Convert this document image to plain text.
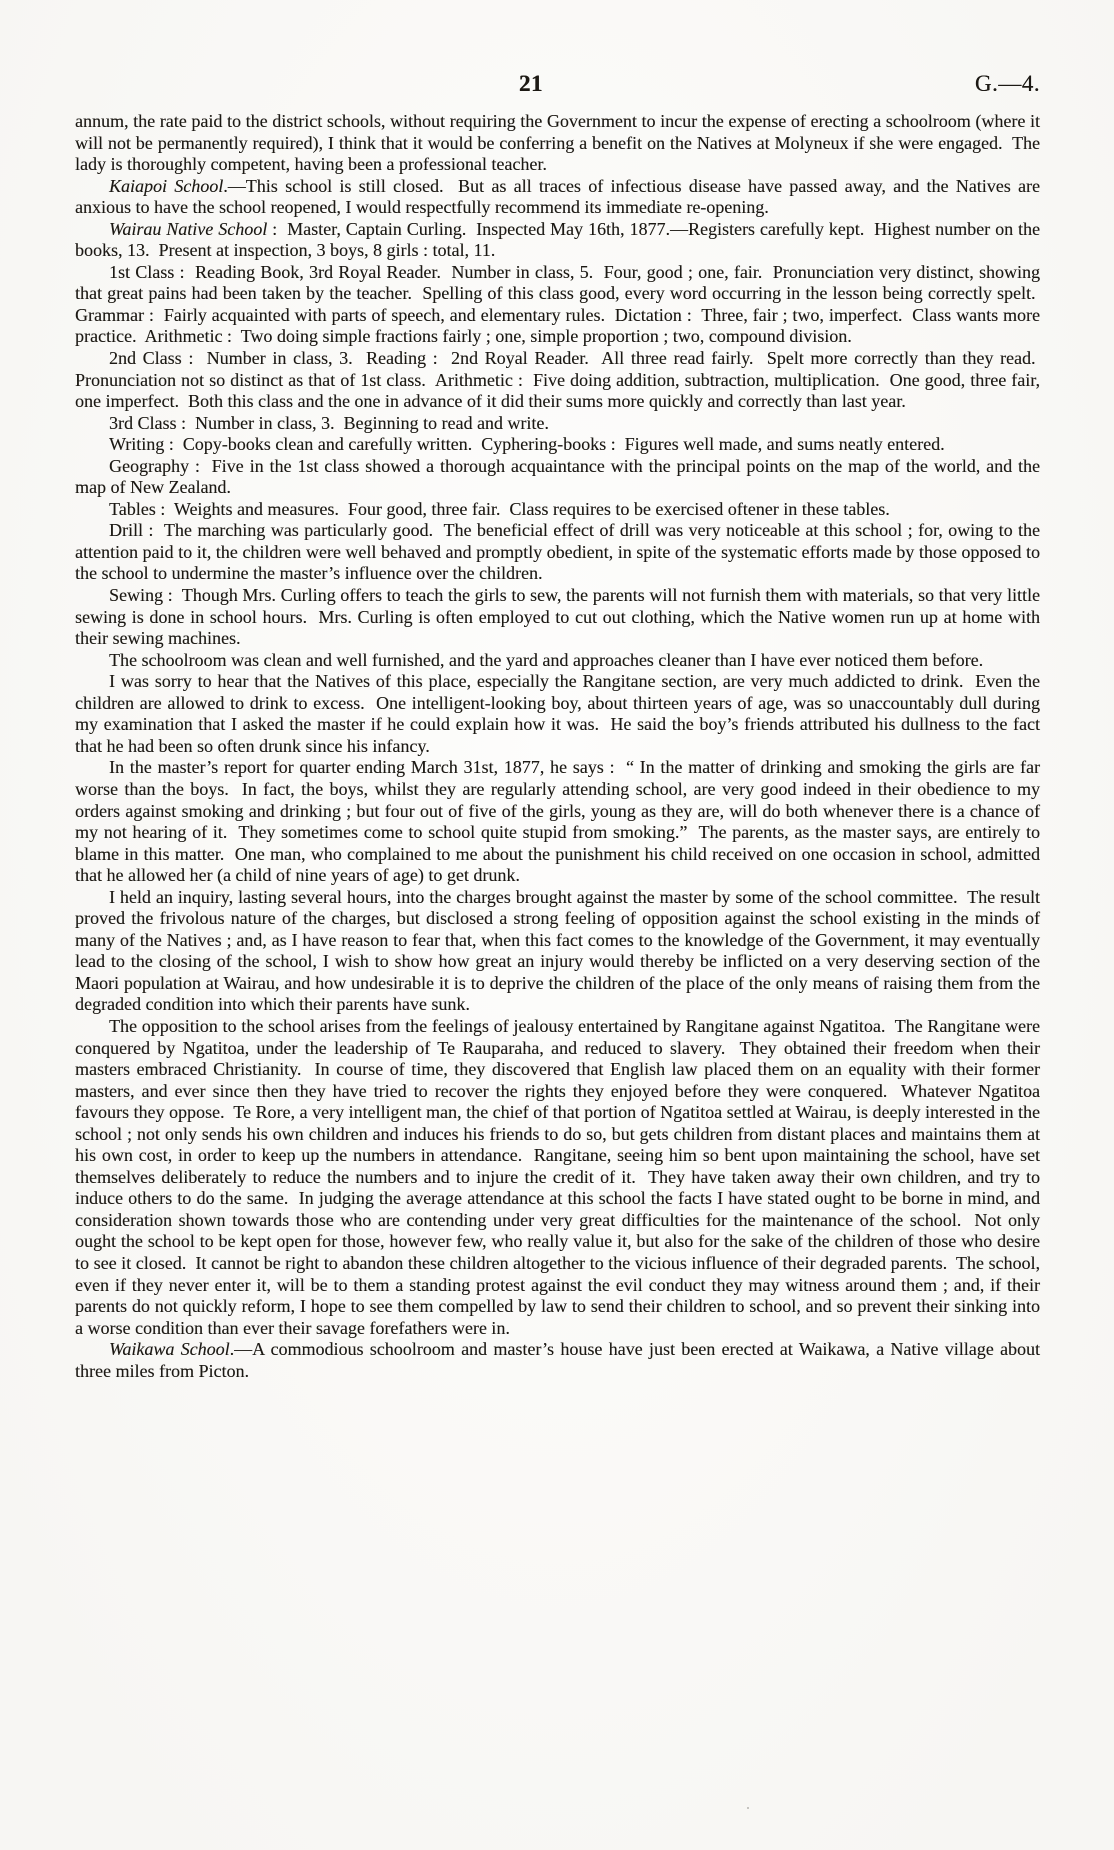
21	G.—4.

annum, the rate paid to the district schools, without requiring the Government to incur the expense of erecting a schoolroom (where it will not be permanently required), I think that it would be conferring a benefit on the Natives at Molyneux if she were engaged.  The lady is thoroughly competent, having been a professional teacher.

Kaiapoi School.—This school is still closed.  But as all traces of infectious disease have passed away, and the Natives are anxious to have the school reopened, I would respectfully recommend its immediate re-opening.

Wairau Native School :  Master, Captain Curling.  Inspected May 16th, 1877.—Registers carefully kept.  Highest number on the books, 13.  Present at inspection, 3 boys, 8 girls : total, 11.

1st Class :  Reading Book, 3rd Royal Reader.  Number in class, 5.  Four, good ; one, fair.  Pronunciation very distinct, showing that great pains had been taken by the teacher.  Spelling of this class good, every word occurring in the lesson being correctly spelt.  Grammar :  Fairly acquainted with parts of speech, and elementary rules.  Dictation :  Three, fair ; two, imperfect.  Class wants more practice.  Arithmetic :  Two doing simple fractions fairly ; one, simple proportion ; two, compound division.

2nd Class :  Number in class, 3.  Reading :  2nd Royal Reader.  All three read fairly.  Spelt more correctly than they read.  Pronunciation not so distinct as that of 1st class.  Arithmetic :  Five doing addition, subtraction, multiplication.  One good, three fair, one imperfect.  Both this class and the one in advance of it did their sums more quickly and correctly than last year.

3rd Class :  Number in class, 3.  Beginning to read and write.

Writing :  Copy-books clean and carefully written.  Cyphering-books :  Figures well made, and sums neatly entered.

Geography :  Five in the 1st class showed a thorough acquaintance with the principal points on the map of the world, and the map of New Zealand.

Tables :  Weights and measures.  Four good, three fair.  Class requires to be exercised oftener in these tables.

Drill :  The marching was particularly good.  The beneficial effect of drill was very noticeable at this school ; for, owing to the attention paid to it, the children were well behaved and promptly obedient, in spite of the systematic efforts made by those opposed to the school to undermine the master’s influence over the children.

Sewing :  Though Mrs. Curling offers to teach the girls to sew, the parents will not furnish them with materials, so that very little sewing is done in school hours.  Mrs. Curling is often employed to cut out clothing, which the Native women run up at home with their sewing machines.

The schoolroom was clean and well furnished, and the yard and approaches cleaner than I have ever noticed them before.

I was sorry to hear that the Natives of this place, especially the Rangitane section, are very much addicted to drink.  Even the children are allowed to drink to excess.  One intelligent-looking boy, about thirteen years of age, was so unaccountably dull during my examination that I asked the master if he could explain how it was.  He said the boy’s friends attributed his dullness to the fact that he had been so often drunk since his infancy.

In the master’s report for quarter ending March 31st, 1877, he says :  “ In the matter of drinking and smoking the girls are far worse than the boys.  In fact, the boys, whilst they are regularly attending school, are very good indeed in their obedience to my orders against smoking and drinking ; but four out of five of the girls, young as they are, will do both whenever there is a chance of my not hearing of it.  They sometimes come to school quite stupid from smoking.”  The parents, as the master says, are entirely to blame in this matter.  One man, who complained to me about the punishment his child received on one occasion in school, admitted that he allowed her (a child of nine years of age) to get drunk.

I held an inquiry, lasting several hours, into the charges brought against the master by some of the school committee.  The result proved the frivolous nature of the charges, but disclosed a strong feeling of opposition against the school existing in the minds of many of the Natives ; and, as I have reason to fear that, when this fact comes to the knowledge of the Government, it may eventually lead to the closing of the school, I wish to show how great an injury would thereby be inflicted on a very deserving section of the Maori population at Wairau, and how undesirable it is to deprive the children of the place of the only means of raising them from the degraded condition into which their parents have sunk.

The opposition to the school arises from the feelings of jealousy entertained by Rangitane against Ngatitoa.  The Rangitane were conquered by Ngatitoa, under the leadership of Te Rauparaha, and reduced to slavery.  They obtained their freedom when their masters embraced Christianity.  In course of time, they discovered that English law placed them on an equality with their former masters, and ever since then they have tried to recover the rights they enjoyed before they were conquered.  Whatever Ngatitoa favours they oppose.  Te Rore, a very intelligent man, the chief of that portion of Ngatitoa settled at Wairau, is deeply interested in the school ; not only sends his own children and induces his friends to do so, but gets children from distant places and maintains them at his own cost, in order to keep up the numbers in attendance.  Rangitane, seeing him so bent upon maintaining the school, have set themselves deliberately to reduce the numbers and to injure the credit of it.  They have taken away their own children, and try to induce others to do the same.  In judging the average attendance at this school the facts I have stated ought to be borne in mind, and consideration shown towards those who are contending under very great difficulties for the maintenance of the school.  Not only ought the school to be kept open for those, however few, who really value it, but also for the sake of the children of those who desire to see it closed.  It cannot be right to abandon these children altogether to the vicious influence of their degraded parents.  The school, even if they never enter it, will be to them a standing protest against the evil conduct they may witness around them ; and, if their parents do not quickly reform, I hope to see them compelled by law to send their children to school, and so prevent their sinking into a worse condition than ever their savage forefathers were in.

Waikawa School.—A commodious schoolroom and master’s house have just been erected at Waikawa, a Native village about three miles from Picton.
